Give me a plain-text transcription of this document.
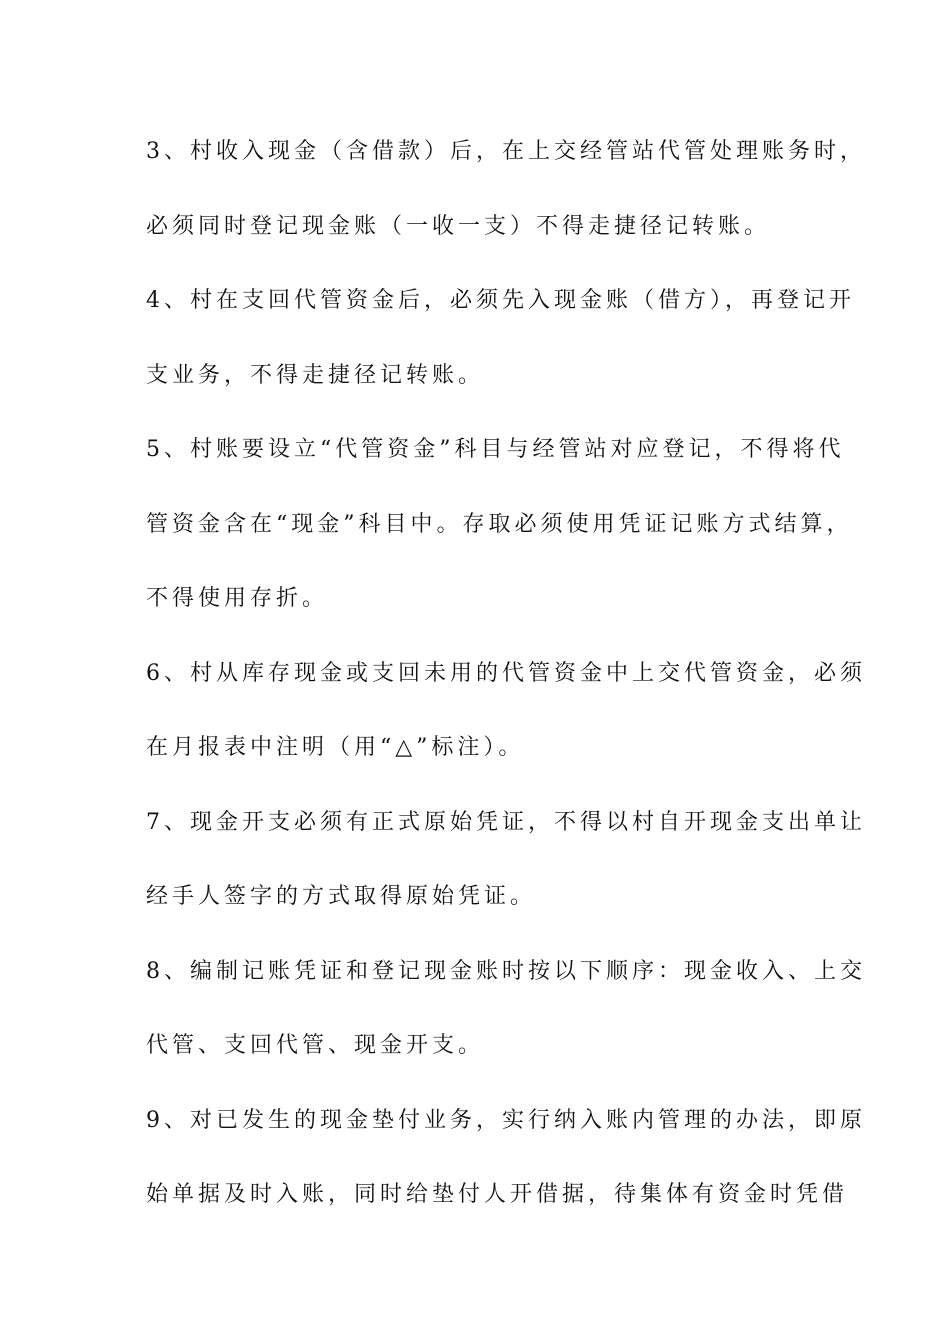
3、村收入现金（含借款）后，在上交经管站代管处理账务时，

必须同时登记现金账（一收一支）不得走捷径记转账。

4、村在支回代管资金后，必须先入现金账（借方），再登记开

支业务，不得走捷径记转账。

5、村账要设立“代管资金”科目与经管站对应登记，不得将代

管资金含在“现金”科目中。存取必须使用凭证记账方式结算，

不得使用存折。

6、村从库存现金或支回未用的代管资金中上交代管资金，必须

在月报表中注明（用“△”标注）。

7、现金开支必须有正式原始凭证，不得以村自开现金支出单让

经手人签字的方式取得原始凭证。

8、编制记账凭证和登记现金账时按以下顺序：现金收入、上交

代管、支回代管、现金开支。

9、对已发生的现金垫付业务，实行纳入账内管理的办法，即原

始单据及时入账，同时给垫付人开借据，待集体有资金时凭借
